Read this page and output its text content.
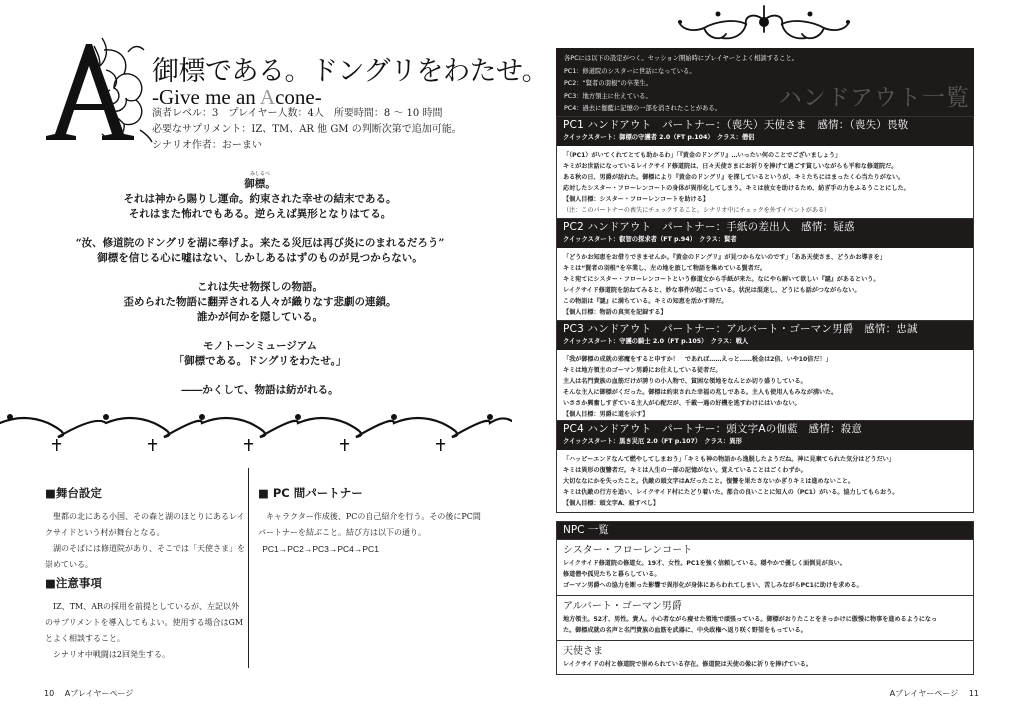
御標である。ドングリをわたせ。
-Give me an Acone-
演者レベル：3　プレイヤー人数：4人　所要時間：8 ～ 10 時間
必要なサプリメント：IZ、TM、AR 他 GM の判断次第で追加可能。
シナリオ作者：おーまい
みしるべ
御標。
それは神から賜りし運命。約束された幸せの結末である。
それはまた怖れでもある。逆らえば異形となりはてる。
“汝、修道院のドングリを湖に奉げよ。来たる災厄は再び炎にのまれるだろう”
御標を信じる心に嘘はない、しかしあるはずのものが見つからない。
これは失せ物探しの物語。
歪められた物語に翻弄される人々が織りなす悲劇の連鎖。
誰かが何かを隠している。
モノトーンミュージアム
「御標である。ドングリをわたせ。」
――かくして、物語は紡がれる。
■舞台設定

聖都の北にある小国、その森と湖のほとりにあるレイクサイドという村が舞台となる。

湖のそばには修道院があり、そこでは「天使さま」を崇めている。

■注意事項

IZ、TM、ARの採用を前提としているが、左記以外のサプリメントを導入してもよい。使用する場合はGMとよく相談すること。

シナリオ中戦闘は2回発生する。

■ PC 間パートナー

キャラクター作成後、PCの自己紹介を行う。その後にPC間パートナーを結ぶこと。結び方は以下の通り。

PC1→PC2→PC3→PC4→PC1

10 Aプレイヤーページ
各PCには以下の設定がつく。セッション開始時にプレイヤーとよく相談すること。
PC1：修道院のシスターに世話になっている。
PC2：“賢者の羽根”の卒業生。
PC3：地方領主に仕えている。
PC4：過去に伽藍に記憶の一部を消されたことがある。	ハンドアウト一覧
PC1 ハンドアウト　パートナー：（喪失）天使さま　感情：（喪失）畏敬
クイックスタート：御標の守護者 2.0（FT p.104）　クラス：僧侶
「（PC1）がいてくれてとても助かるわ」「『黄金のドングリ』…いったい何のことでございましょう」
キミがお世話になっているレイクサイド修道院は、日々天使さまにお祈りを捧げて過ごす貧しいながらも平和な修道院だ。
ある秋の日、男爵が訪れた。御標により『黄金のドングリ』を探しているというが、キミたちにはまったく心当たりがない。
応対したシスター・フローレンコートの身体が異形化してしまう。キミは彼女を助けるため、紡ぎ手の力をふるうことにした。
【個人目標：シスター・フローレンコートを助ける】
（注：このパートナーの喪失にチェックすること。シナリオ中にチェックを外すイベントがある）
PC2 ハンドアウト　パートナー：手紙の差出人　感情：疑惑
クイックスタート：叡智の探求者（FT p.94）　クラス：賢者
「どうかお知恵をお借りできませんか。『黄金のドングリ』が見つからないのです」「ああ天使さま、どうかお導きを」
キミは“賢者の羽根”を卒業し、左の地を旅して物語を集めている賢者だ。
キミ宛てにシスター・フローレンコートという修道女から手紙が来た。なにやら解いて欲しい『謎』があるという。
レイクサイド修道院を訪ねてみると、妙な事件が起こっている。状況は混迷し、どうにも話がつながらない。
この物語は『謎』に満ちている。キミの知恵を活かす時だ。
【個人目標：物語の真実を記録する】
PC3 ハンドアウト　パートナー：アルバート・ゴーマン男爵　感情：忠誠
クイックスタート：守護の騎士 2.0（FT p.105）　クラス：戦人
「我が御標の成就の邪魔をすると申すか！　であれば……えっと……税金は2倍、いや10倍だ！」
キミは地方領主のゴーマン男爵にお仕えしている従者だ。
主人は名門貴族の血筋だけが誇りの小人物で、貧困な領地をなんとか切り盛りしている。
そんな主人に御標がくだった。御標は約束された幸福の兆しである。主人も使用人もみなが沸いた。
いささか興奮しすぎている主人が心配だが、千載一遇の好機を逃すわけにはいかない。
【個人目標：男爵に道を示す】
PC4 ハンドアウト　パートナー：頭文字Aの伽藍　感情：殺意
クイックスタート：黒き災厄 2.0（FT p.107）　クラス：異形
「ハッピーエンドなんて燃やしてしまおう」「キミも神の物語から逸脱したようだね。神に見棄てられた気分はどうだい」
キミは異形の復讐者だ。キミは人生の一部の記憶がない。覚えていることはごくわずか。
大切ななにかを失ったこと。仇敵の頭文字はAだったこと。復讐を果たさないかぎりキミは進めないこと。
キミは仇敵の行方を追い、レイクサイド村にたどり着いた。都合の良いことに知人の（PC1）がいる。協力してもらおう。
【個人目標：頭文字A、殺すべし】
NPC 一覧
シスター・フローレンコート
レイクサイド修道院の修道女。19才、女性。PC1を強く信頼している。穏やかで優しく面倒見が良い。
修道僧や孤児たちと暮らしている。
ゴーマン男爵への協力を断った影響で異形化が身体にあらわれてしまい、苦しみながらPC1に助けを求める。
アルバート・ゴーマン男爵
地方領主。52才、男性。貴人。小心者ながら痩せた領地で頑張っている。御標がおりたことをきっかけに傲慢に物事を進めるようになっ
た。御標成就の名声と名門貴族の血筋を武器に、中央政権へ返り咲く野望をもっている。
天使さま
レイクサイドの村と修道院で崇められている存在。修道院は天使の像に祈りを捧げている。
Aプレイヤーページ 11
